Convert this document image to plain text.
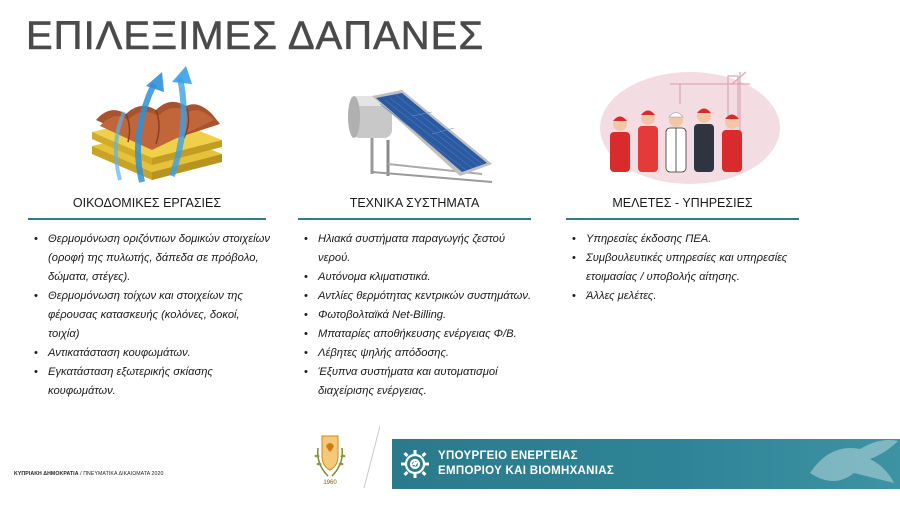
ΕΠΙΛΕΞΙΜΕΣ ΔΑΠΑΝΕΣ
ΟΙΚΟΔΟΜΙΚΕΣ ΕΡΓΑΣΙΕΣ
• Θερμομόνωση οριζόντιων δομικών στοιχείων (οροφή της πυλωτής, δάπεδα σε πρόβολο, δώματα, στέγες).
• Θερμομόνωση τοίχων και στοιχείων της φέρουσας κατασκευής (κολόνες, δοκοί, τοιχία)
• Αντικατάσταση κουφωμάτων.
• Εγκατάσταση εξωτερικής σκίασης κουφωμάτων.
ΤΕΧΝΙΚΑ ΣΥΣΤΗΜΑΤΑ
• Ηλιακά συστήματα παραγωγής ζεστού νερού.
• Αυτόνομα κλιματιστικά.
• Αντλίες θερμότητας κεντρικών συστημάτων.
• Φωτοβολταϊκά Net-Billing.
• Μπαταρίες αποθήκευσης ενέργειας Φ/Β.
• Λέβητες ψηλής απόδοσης.
• Έξυπνα συστήματα και αυτοματισμοί διαχείρισης ενέργειας.
ΜΕΛΕΤΕΣ - ΥΠΗΡΕΣΙΕΣ
• Υπηρεσίες έκδοσης ΠΕΑ.
• Συμβουλευτικές υπηρεσίες και υπηρεσίες ετοιμασίας / υποβολής αίτησης.
• Άλλες μελέτες.
ΚΥΠΡΙΑΚΗ ΔΗΜΟΚΡΑΤΙΑ / ΠΝΕΥΜΑΤΙΚΑ ΔΙΚΑΙΩΜΑΤΑ 2020
1960
ΥΠΟΥΡΓΕΙΟ ΕΝΕΡΓΕΙΑΣ
ΕΜΠΟΡΙΟΥ ΚΑΙ ΒΙΟΜΗΧΑΝΙΑΣ
